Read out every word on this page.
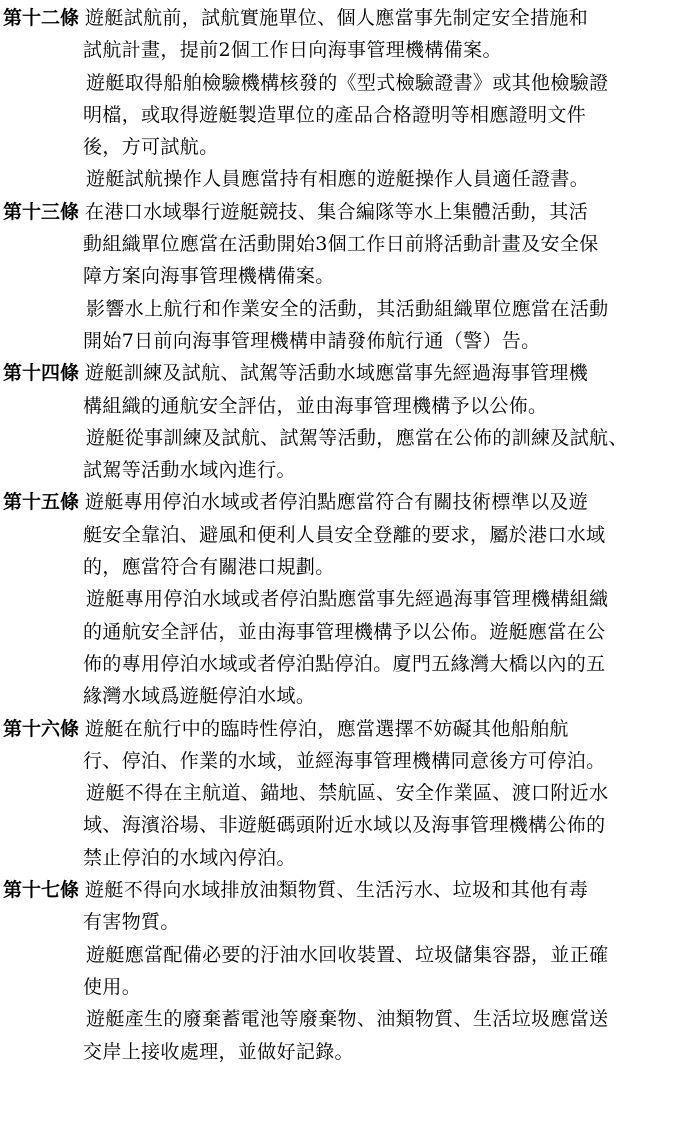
第十二條 遊艇試航前，試航實施單位、個人應當事先制定安全措施和
試航計畫，提前2個工作日向海事管理機構備案。
遊艇取得船舶檢驗機構核發的《型式檢驗證書》或其他檢驗證
明檔，或取得遊艇製造單位的產品合格證明等相應證明文件
後，方可試航。
遊艇試航操作人員應當持有相應的遊艇操作人員適任證書。
第十三條 在港口水域舉行遊艇競技、集合編隊等水上集體活動，其活
動組織單位應當在活動開始3個工作日前將活動計畫及安全保
障方案向海事管理機構備案。
影響水上航行和作業安全的活動，其活動組織單位應當在活動
開始7日前向海事管理機構申請發佈航行通（警）告。
第十四條 遊艇訓練及試航、試駕等活動水域應當事先經過海事管理機
構組織的通航安全評估，並由海事管理機構予以公佈。
遊艇從事訓練及試航、試駕等活動，應當在公佈的訓練及試航、
試駕等活動水域內進行。
第十五條 遊艇專用停泊水域或者停泊點應當符合有關技術標準以及遊
艇安全靠泊、避風和便利人員安全登離的要求，屬於港口水域
的，應當符合有關港口規劃。
遊艇專用停泊水域或者停泊點應當事先經過海事管理機構組織
的通航安全評估，並由海事管理機構予以公佈。遊艇應當在公
佈的專用停泊水域或者停泊點停泊。廈門五緣灣大橋以內的五
緣灣水域爲遊艇停泊水域。
第十六條 遊艇在航行中的臨時性停泊，應當選擇不妨礙其他船舶航
行、停泊、作業的水域，並經海事管理機構同意後方可停泊。
遊艇不得在主航道、錨地、禁航區、安全作業區、渡口附近水
域、海濱浴場、非遊艇碼頭附近水域以及海事管理機構公佈的
禁止停泊的水域內停泊。
第十七條 遊艇不得向水域排放油類物質、生活污水、垃圾和其他有毒
有害物質。
遊艇應當配備必要的汙油水回收裝置、垃圾儲集容器，並正確
使用。
遊艇產生的廢棄蓄電池等廢棄物、油類物質、生活垃圾應當送
交岸上接收處理，並做好記錄。
